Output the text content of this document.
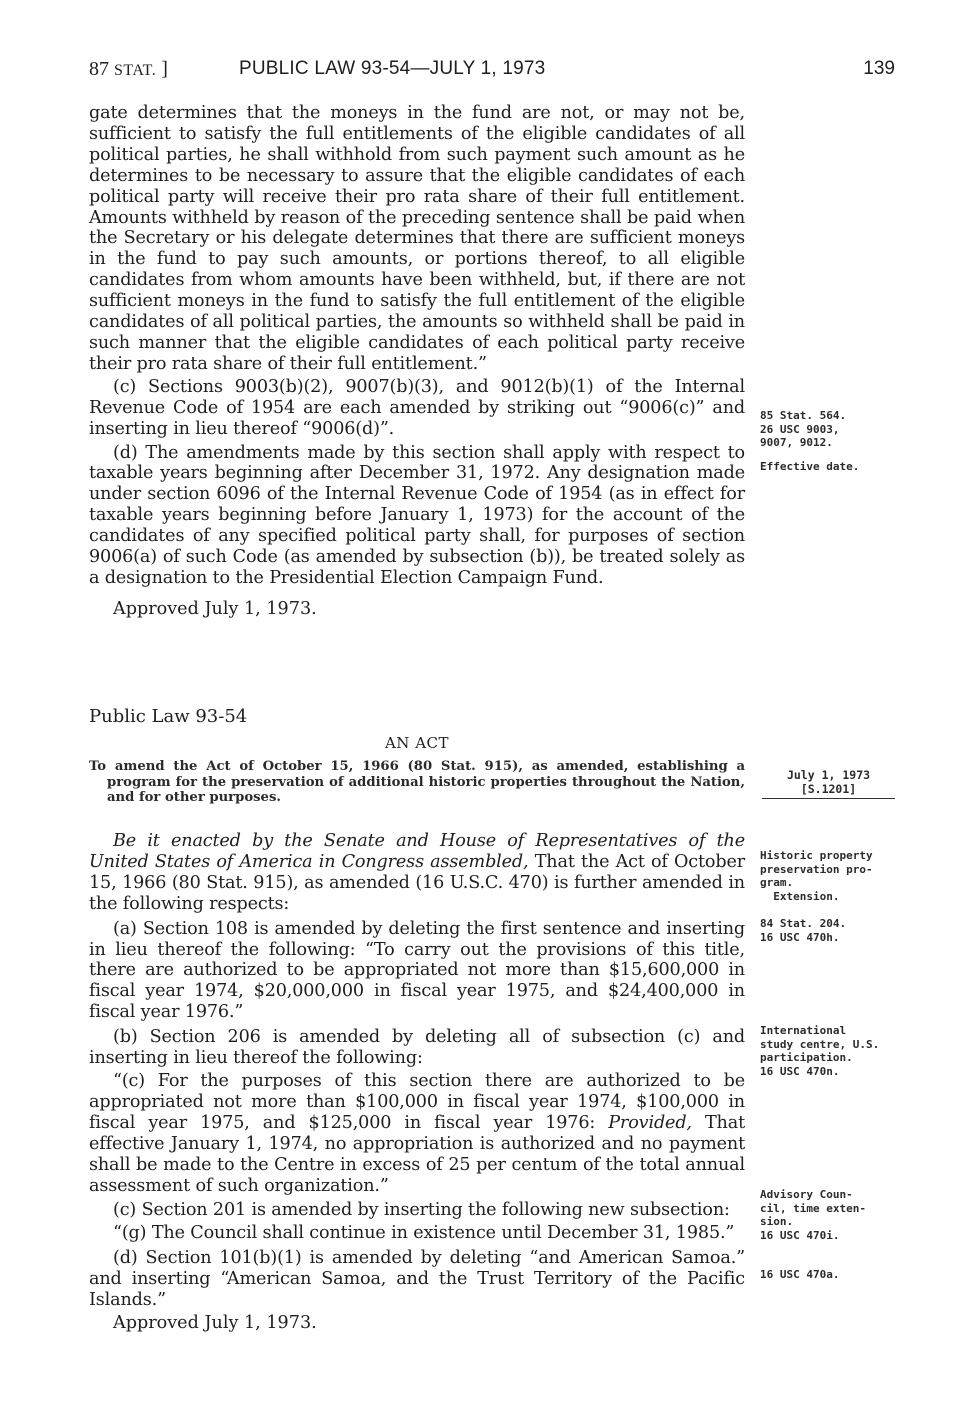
87 STAT. ]	PUBLIC LAW 93-54—JULY 1, 1973	139

gate determines that the moneys in the fund are not, or may not be, sufficient to satisfy the full entitlements of the eligible candidates of all political parties, he shall withhold from such payment such amount as he determines to be necessary to assure that the eligible candidates of each political party will receive their pro rata share of their full entitlement. Amounts withheld by reason of the preceding sentence shall be paid when the Secretary or his delegate determines that there are sufficient moneys in the fund to pay such amounts, or portions thereof, to all eligible candidates from whom amounts have been withheld, but, if there are not sufficient moneys in the fund to satisfy the full entitlement of the eligible candidates of all political parties, the amounts so withheld shall be paid in such manner that the eligible candidates of each political party receive their pro rata share of their full entitlement.”

(c) Sections 9003(b)(2), 9007(b)(3), and 9012(b)(1) of the Internal Revenue Code of 1954 are each amended by striking out “9006(c)” and inserting in lieu thereof “9006(d)”.

(d) The amendments made by this section shall apply with respect to taxable years beginning after December 31, 1972. Any designation made under section 6096 of the Internal Revenue Code of 1954 (as in effect for taxable years beginning before January 1, 1973) for the account of the candidates of any specified political party shall, for purposes of section 9006(a) of such Code (as amended by subsection (b)), be treated solely as a designation to the Presidential Election Campaign Fund.

Approved July 1, 1973.

Public Law 93-54

AN ACT

To amend the Act of October 15, 1966 (80 Stat. 915), as amended, establishing a program for the preservation of additional historic properties throughout the Nation, and for other purposes.

Be it enacted by the Senate and House of Representatives of the United States of America in Congress assembled, That the Act of October 15, 1966 (80 Stat. 915), as amended (16 U.S.C. 470) is further amended in the following respects:

(a) Section 108 is amended by deleting the first sentence and inserting in lieu thereof the following: “To carry out the provisions of this title, there are authorized to be appropriated not more than $15,600,000 in fiscal year 1974, $20,000,000 in fiscal year 1975, and $24,400,000 in fiscal year 1976.”

(b) Section 206 is amended by deleting all of subsection (c) and inserting in lieu thereof the following:

“(c) For the purposes of this section there are authorized to be appropriated not more than $100,000 in fiscal year 1974, $100,000 in fiscal year 1975, and $125,000 in fiscal year 1976: Provided, That effective January 1, 1974, no appropriation is authorized and no payment shall be made to the Centre in excess of 25 per centum of the total annual assessment of such organization.”

(c) Section 201 is amended by inserting the following new subsection:

“(g) The Council shall continue in existence until December 31, 1985.”

(d) Section 101(b)(1) is amended by deleting “and American Samoa.” and inserting “American Samoa, and the Trust Territory of the Pacific Islands.”

Approved July 1, 1973.

85 Stat. 564.
26 USC 9003,
9007, 9012.
Effective date.
July 1, 1973
[S.1201]
Historic property
preservation pro-
gram.
Extension.
84 Stat. 204.
16 USC 470h.
International
study centre, U.S.
participation.
16 USC 470n.
Advisory Coun-
cil, time exten-
sion.
16 USC 470i.
16 USC 470a.
